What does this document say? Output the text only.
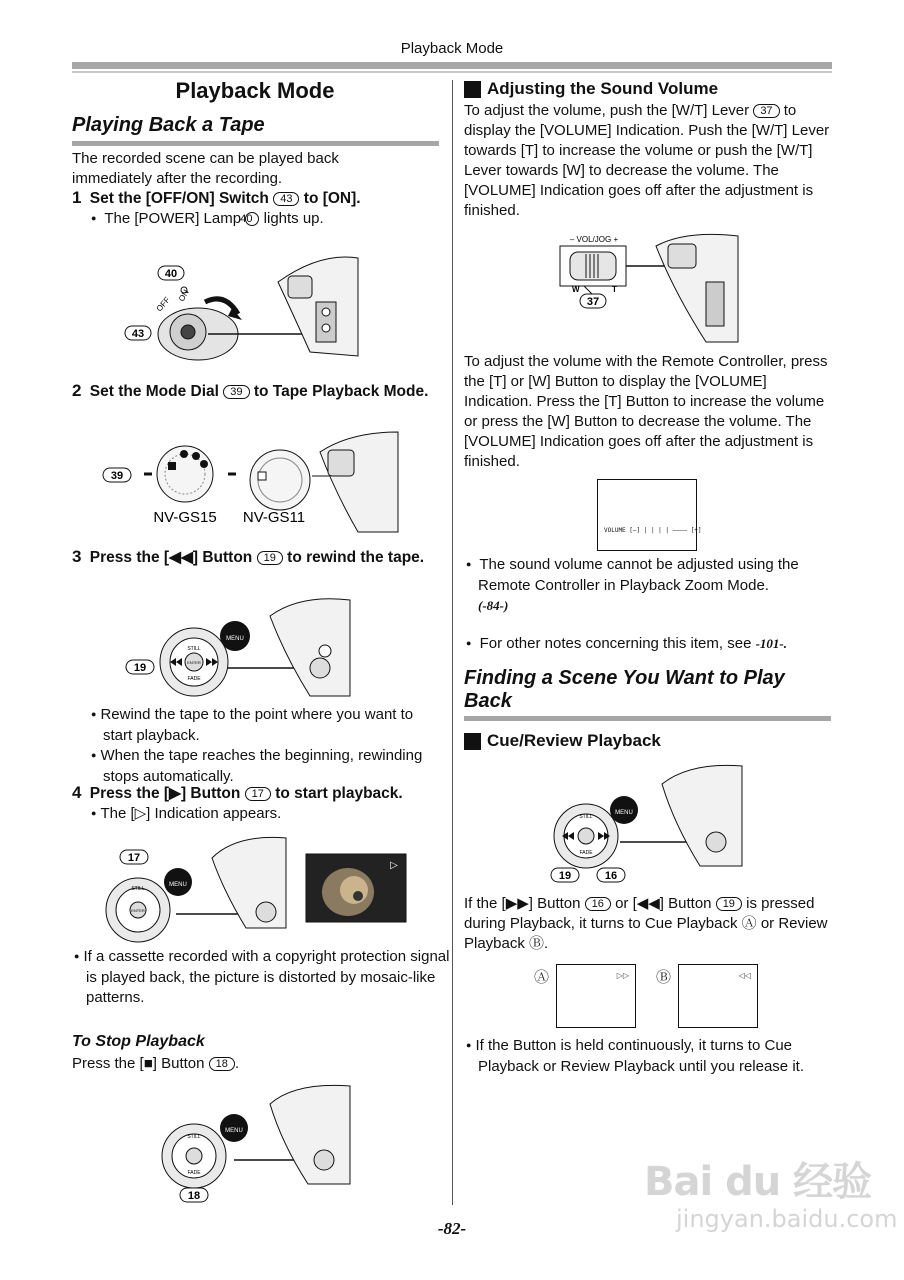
Playback Mode
Playback Mode
Playing Back a Tape
The recorded scene can be played back immediately after the recording.
1 Set the [OFF/ON] Switch 43 to [ON].
● The [POWER] Lamp 40 lights up.
40
43
OFF ON
2 Set the Mode Dial 39 to Tape Playback Mode.
39
NV-GS15 NV-GS11
3 Press the [◀◀] Button 19 to rewind the tape.
19
MENU
STILL
ENTER
FADE
● Rewind the tape to the point where you want to start playback.
● When the tape reaches the beginning, rewinding stops automatically.
4 Press the [▶] Button 17 to start playback.
● The [▷] Indication appears.
17
MENU
STILL
ENTER
▷
● If a cassette recorded with a copyright protection signal is played back, the picture is distorted by mosaic-like patterns.
To Stop Playback
Press the [■] Button 18 .
MENU
STILL
FADE
18
Adjusting the Sound Volume
To adjust the volume, push the [W/T] Lever 37 to display the [VOLUME] Indication. Push the [W/T] Lever towards [T] to increase the volume or push the [W/T] Lever towards [W] to decrease the volume. The [VOLUME] Indication goes off after the adjustment is finished.
– VOL/JOG +
W	T
37
To adjust the volume with the Remote Controller, press the [T] or [W] Button to display the [VOLUME] Indication. Press the [T] Button to increase the volume or press the [W] Button to decrease the volume. The [VOLUME] Indication goes off after the adjustment is finished.
VOLUME [–] | | | | –––– [+]
● The sound volume cannot be adjusted using the Remote Controller in Playback Zoom Mode.
(-84-)
● For other notes concerning this item, see -101-.
Finding a Scene You Want to Play Back
Cue/Review Playback
MENU
STILL
FADE
19	16
If the [▶▶] Button 16 or [◀◀] Button 19 is pressed during Playback, it turns to Cue Playback Ⓐ or Review Playback Ⓑ.
Ⓐ	▷▷ Ⓑ	◁◁
● If the Button is held continuously, it turns to Cue Playback or Review Playback until you release it.
Bai du 经验
jingyan.baidu.com
-82-
